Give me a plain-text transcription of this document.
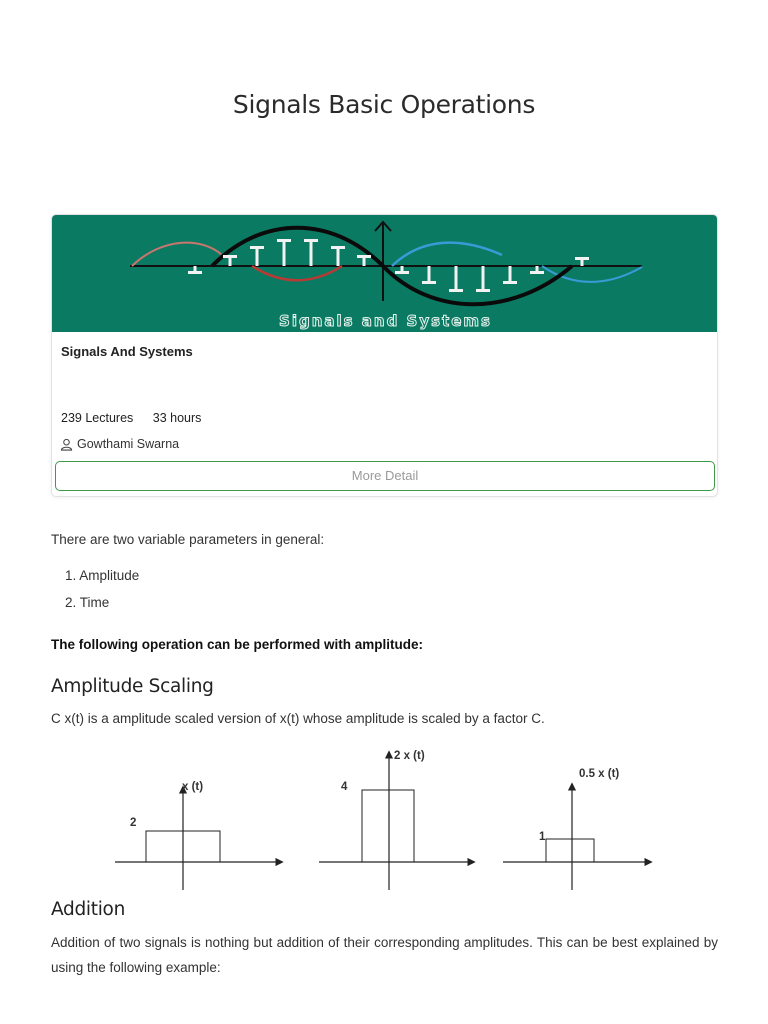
Signals Basic Operations
Signals and Systems
Signals And Systems
239 Lectures 33 hours
Gowthami Swarna
More Detail

There are two variable parameters in general:

1. Amplitude
2. Time

The following operation can be performed with amplitude:

Amplitude Scaling

C x(t) is a amplitude scaled version of x(t) whose amplitude is scaled by a factor C.

x (t)
2
2 x (t)
4
0.5 x (t)
1
Addition

Addition of two signals is nothing but addition of their corresponding amplitudes. This can be best explained by using the following example:
